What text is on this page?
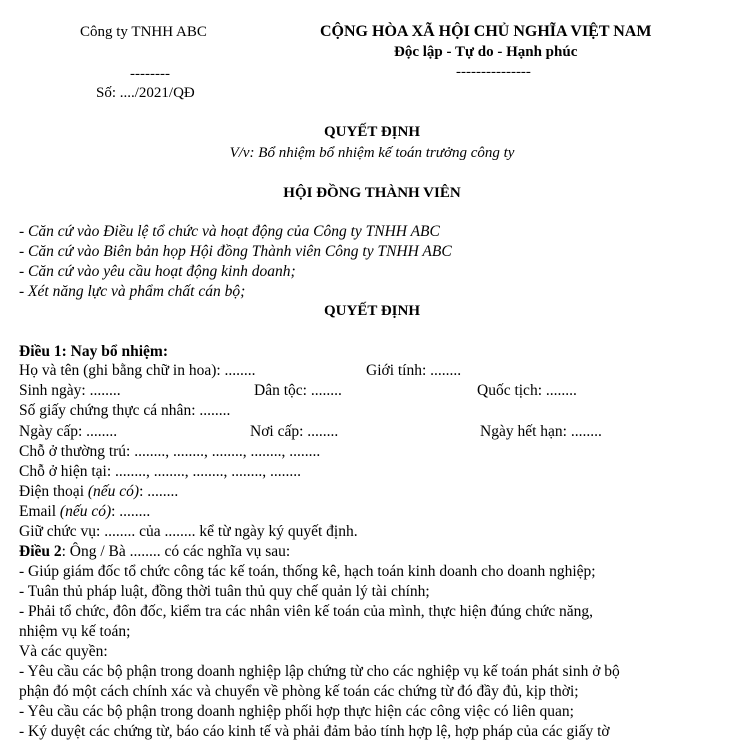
Công ty TNHH ABC
--------
Số: ..../2021/QĐ
CỘNG HÒA XÃ HỘI CHỦ NGHĨA VIỆT NAM
Độc lập - Tự do - Hạnh phúc
---------------
QUYẾT ĐỊNH
V/v: Bổ nhiệm bổ nhiệm kế toán trưởng công ty
HỘI ĐỒNG THÀNH VIÊN
- Căn cứ vào Điều lệ tổ chức và hoạt động của Công ty TNHH ABC
- Căn cứ vào Biên bản họp Hội đồng Thành viên Công ty TNHH ABC
- Căn cứ vào yêu cầu hoạt động kinh doanh;
- Xét năng lực và phẩm chất cán bộ;
QUYẾT ĐỊNH
Điều 1: Nay bổ nhiệm:
Họ và tên (ghi bằng chữ in hoa): ........	Giới tính: ........
Sinh ngày: ........	Dân tộc: ........	Quốc tịch: ........
Số giấy chứng thực cá nhân: ........
Ngày cấp: ........	Nơi cấp: ........	Ngày hết hạn: ........
Chỗ ở thường trú: ........, ........, ........, ........, ........
Chỗ ở hiện tại: ........, ........, ........, ........, ........
Điện thoại (nếu có): ........
Email (nếu có): ........
Giữ chức vụ: ........ của ........ kể từ ngày ký quyết định.
Điều 2: Ông / Bà ........ có các nghĩa vụ sau:
- Giúp giám đốc tổ chức công tác kế toán, thống kê, hạch toán kinh doanh cho doanh nghiệp;
- Tuân thủ pháp luật, đồng thời tuân thủ quy chế quản lý tài chính;
- Phải tổ chức, đôn đốc, kiểm tra các nhân viên kế toán của mình, thực hiện đúng chức năng,
nhiệm vụ kế toán;
Và các quyền:
- Yêu cầu các bộ phận trong doanh nghiệp lập chứng từ cho các nghiệp vụ kế toán phát sinh ở bộ
phận đó một cách chính xác và chuyển về phòng kế toán các chứng từ đó đầy đủ, kịp thời;
- Yêu cầu các bộ phận trong doanh nghiệp phối hợp thực hiện các công việc có liên quan;
- Ký duyệt các chứng từ, báo cáo kinh tế và phải đảm bảo tính hợp lệ, hợp pháp của các giấy tờ
